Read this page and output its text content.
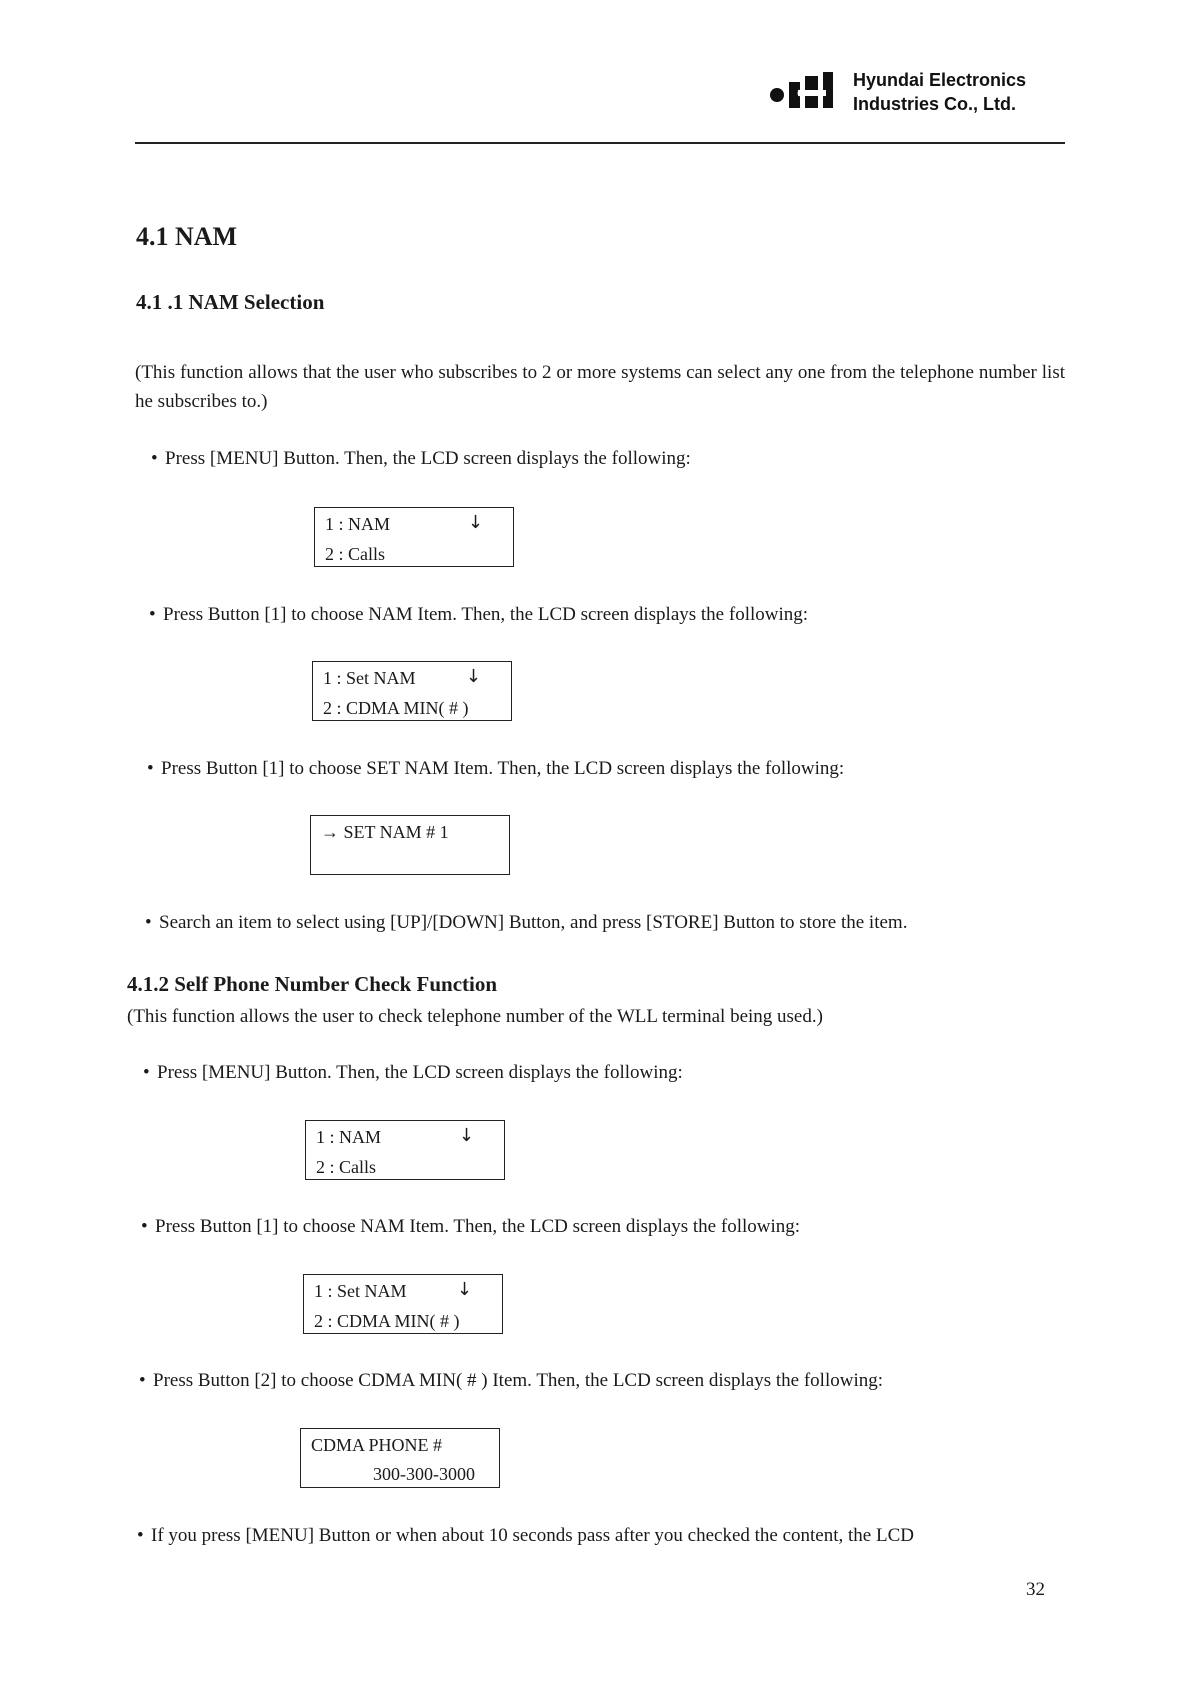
Hyundai Electronics
Industries Co., Ltd.
4.1 NAM
4.1 .1 NAM Selection
(This function allows that the user who subscribes to 2 or more systems can select any one from the telephone number list he subscribes to.)
• Press [MENU] Button. Then, the LCD screen displays the following:
1 : NAM	↓
2 : Calls
• Press Button [1] to choose NAM Item. Then, the LCD screen displays the following:
1 : Set NAM	↓
2 : CDMA MIN( # )
• Press Button [1] to choose SET NAM Item. Then, the LCD screen displays the following:
→ SET NAM # 1
• Search an item to select using [UP]/[DOWN] Button, and press [STORE] Button to store the item.
4.1.2 Self Phone Number Check Function
(This function allows the user to check telephone number of the WLL terminal being used.)
• Press [MENU] Button. Then, the LCD screen displays the following:
1 : NAM	↓
2 : Calls
• Press Button [1] to choose NAM Item. Then, the LCD screen displays the following:
1 : Set NAM	↓
2 : CDMA MIN( # )
• Press Button [2] to choose CDMA MIN( # ) Item. Then, the LCD screen displays the following:
CDMA PHONE #
300-300-3000
• If you press [MENU] Button or when about 10 seconds pass after you checked the content, the LCD
32
